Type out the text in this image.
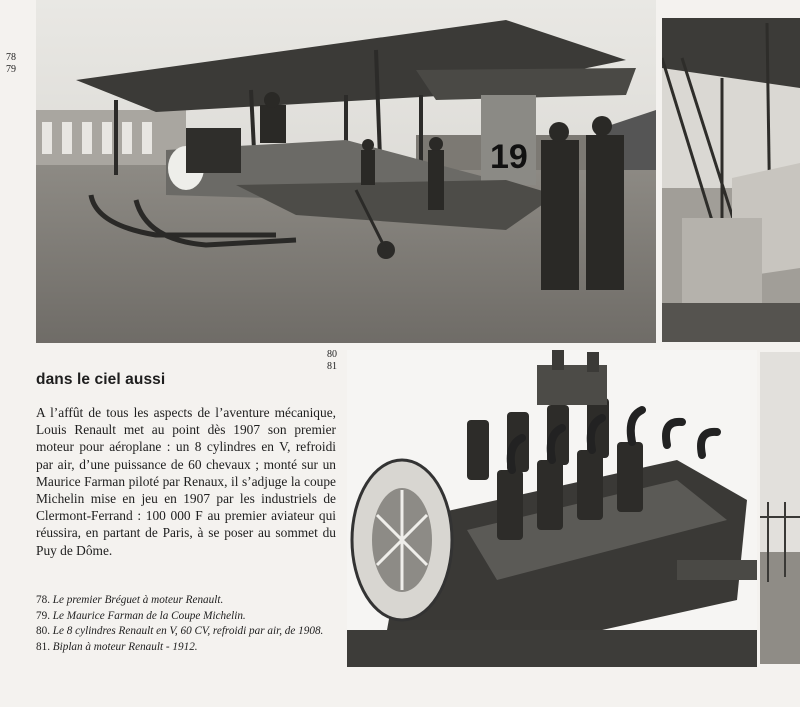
78
79
80
81
19
dans le ciel aussi
A l’affût de tous les aspects de l’aventure mécanique, Louis Renault met au point dès 1907 son premier moteur pour aéroplane : un 8 cylindres en V, refroidi par air, d’une puissance de 60 chevaux ; monté sur un Maurice Farman piloté par Renaux, il s’adjuge la coupe Michelin mise en jeu en 1907 par les industriels de Clermont-Ferrand : 100 000 F au premier aviateur qui réussira, en partant de Paris, à se poser au sommet du Puy de Dôme.
78. Le premier Bréguet à moteur Renault.
79. Le Maurice Farman de la Coupe Michelin.
80. Le 8 cylindres Renault en V, 60 CV, refroidi par air, de 1908.
81. Biplan à moteur Renault - 1912.
